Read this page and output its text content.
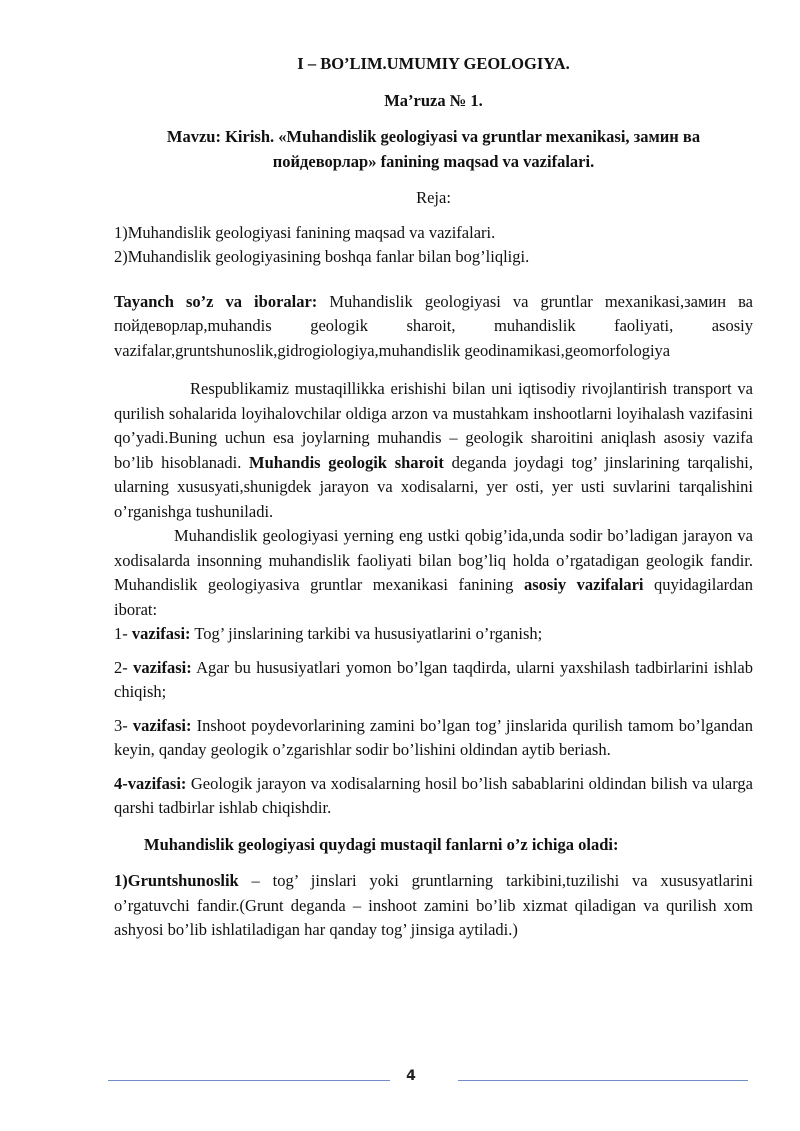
I – BO’LIM.UMUMIY GEOLOGIYA.

Ma’ruza № 1.

Mavzu: Kirish. «Muhandislik geologiyasi va gruntlar mexanikasi, замин ва
пойдеворлар» fanining maqsad va vazifalari.

Reja:

1)Muhandislik geologiyasi fanining maqsad va vazifalari.

2)Muhandislik geologiyasining boshqa fanlar bilan bog’liqligi.

Tayanch so’z va iboralar: Muhandislik geologiyasi va gruntlar mexanikasi,замин ва пойдеворлар,muhandis geologik sharoit, muhandislik faoliyati, asosiy vazifalar,gruntshunoslik,gidrogiologiya,muhandislik geodinamikasi,geomorfologiya

Respublikamiz mustaqillikka erishishi bilan uni iqtisodiy rivojlantirish transport va qurilish sohalarida loyihalovchilar oldiga arzon va mustahkam inshootlarni loyihalash vazifasini qo’yadi.Buning uchun esa joylarning muhandis – geologik sharoitini aniqlash asosiy vazifa bo’lib hisoblanadi. Muhandis geologik sharoit deganda joydagi tog’ jinslarining tarqalishi, ularning xususyati,shunigdek jarayon va xodisalarni, yer osti, yer usti suvlarini tarqalishini o’rganishga tushuniladi.

Muhandislik geologiyasi yerning eng ustki qobig’ida,unda sodir bo’ladigan jarayon va xodisalarda insonning muhandislik faoliyati bilan bog’liq holda o’rgatadigan geologik fandir. Muhandislik geologiyasiva gruntlar mexanikasi fanining asosiy vazifalari quyidagilardan iborat:

1- vazifasi: Tog’ jinslarining tarkibi va hususiyatlarini o’rganish;

2- vazifasi: Agar bu hususiyatlari yomon bo’lgan taqdirda, ularni yaxshilash tadbirlarini ishlab chiqish;

3- vazifasi: Inshoot poydevorlarining zamini bo’lgan tog’ jinslarida qurilish tamom bo’lgandan keyin, qanday geologik o’zgarishlar sodir bo’lishini oldindan aytib beriash.

4-vazifasi: Geologik jarayon va xodisalarning hosil bo’lish sabablarini oldindan bilish va ularga qarshi tadbirlar ishlab chiqishdir.

Muhandislik geologiyasi quydagi mustaqil fanlarni o’z ichiga oladi:

1)Gruntshunoslik – tog’ jinslari yoki gruntlarning tarkibini,tuzilishi va xususyatlarini o’rgatuvchi fandir.(Grunt deganda – inshoot zamini bo’lib xizmat qiladigan va qurilish xom ashyosi bo’lib ishlatiladigan har qanday tog’ jinsiga aytiladi.)

4
